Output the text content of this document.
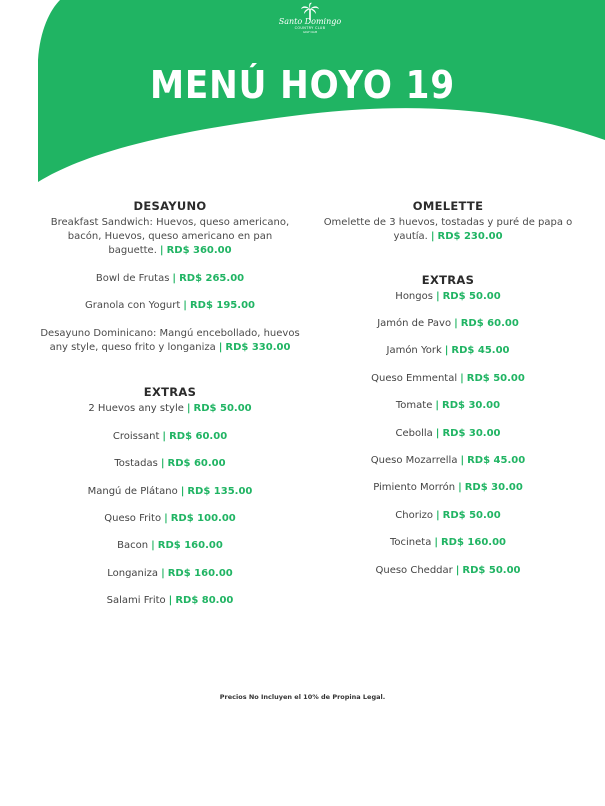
Santo Domingo
COUNTRY CLUB
GOLF CLUB
MENÚ HOYO 19
DESAYUNO
Breakfast Sandwich: Huevos, queso americano, bacón, Huevos, queso americano en pan baguette. | RD$ 360.00
Bowl de Frutas | RD$ 265.00
Granola con Yogurt | RD$ 195.00
Desayuno Dominicano: Mangú encebollado, huevos any style, queso frito y longaniza | RD$ 330.00
EXTRAS
2 Huevos any style | RD$ 50.00
Croissant | RD$ 60.00
Tostadas | RD$ 60.00
Mangú de Plátano | RD$ 135.00
Queso Frito | RD$ 100.00
Bacon | RD$ 160.00
Longaniza | RD$ 160.00
Salami Frito | RD$ 80.00
OMELETTE
Omelette de 3 huevos, tostadas y puré de papa o yautía. | RD$ 230.00
EXTRAS
Hongos | RD$ 50.00
Jamón de Pavo | RD$ 60.00
Jamón York | RD$ 45.00
Queso Emmental | RD$ 50.00
Tomate | RD$ 30.00
Cebolla | RD$ 30.00
Queso Mozarrella | RD$ 45.00
Pimiento Morrón | RD$ 30.00
Chorizo | RD$ 50.00
Tocineta | RD$ 160.00
Queso Cheddar | RD$ 50.00
Precios No Incluyen el 10% de Propina Legal.
